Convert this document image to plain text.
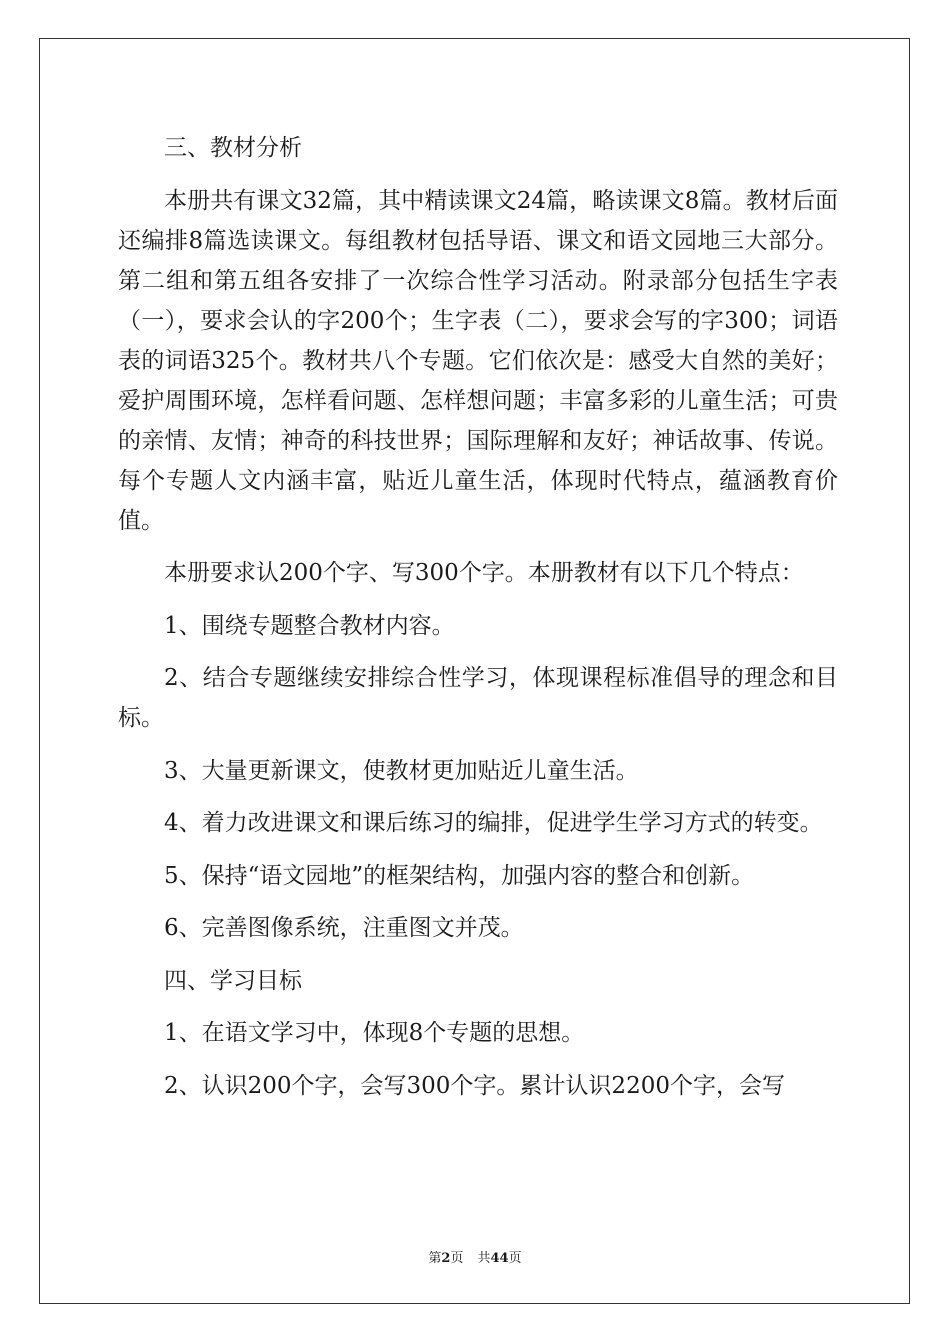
三、教材分析

本册共有课文32篇，其中精读课文24篇，略读课文8篇。教材后面还编排8篇选读课文。每组教材包括导语、课文和语文园地三大部分。第二组和第五组各安排了一次综合性学习活动。附录部分包括生字表（一），要求会认的字200个；生字表（二），要求会写的字300；词语表的词语325个。教材共八个专题。它们依次是：感受大自然的美好；爱护周围环境，怎样看问题、怎样想问题；丰富多彩的儿童生活；可贵的亲情、友情；神奇的科技世界；国际理解和友好；神话故事、传说。每个专题人文内涵丰富，贴近儿童生活，体现时代特点，蕴涵教育价值。

本册要求认200个字、写300个字。本册教材有以下几个特点：

1、围绕专题整合教材内容。

2、结合专题继续安排综合性学习，体现课程标准倡导的理念和目标。

3、大量更新课文，使教材更加贴近儿童生活。

4、着力改进课文和课后练习的编排，促进学生学习方式的转变。

5、保持“语文园地”的框架结构，加强内容的整合和创新。

6、完善图像系统，注重图文并茂。

四、学习目标

1、在语文学习中，体现8个专题的思想。

2、认识200个字，会写300个字。累计认识2200个字，会写

第2页 共44页
